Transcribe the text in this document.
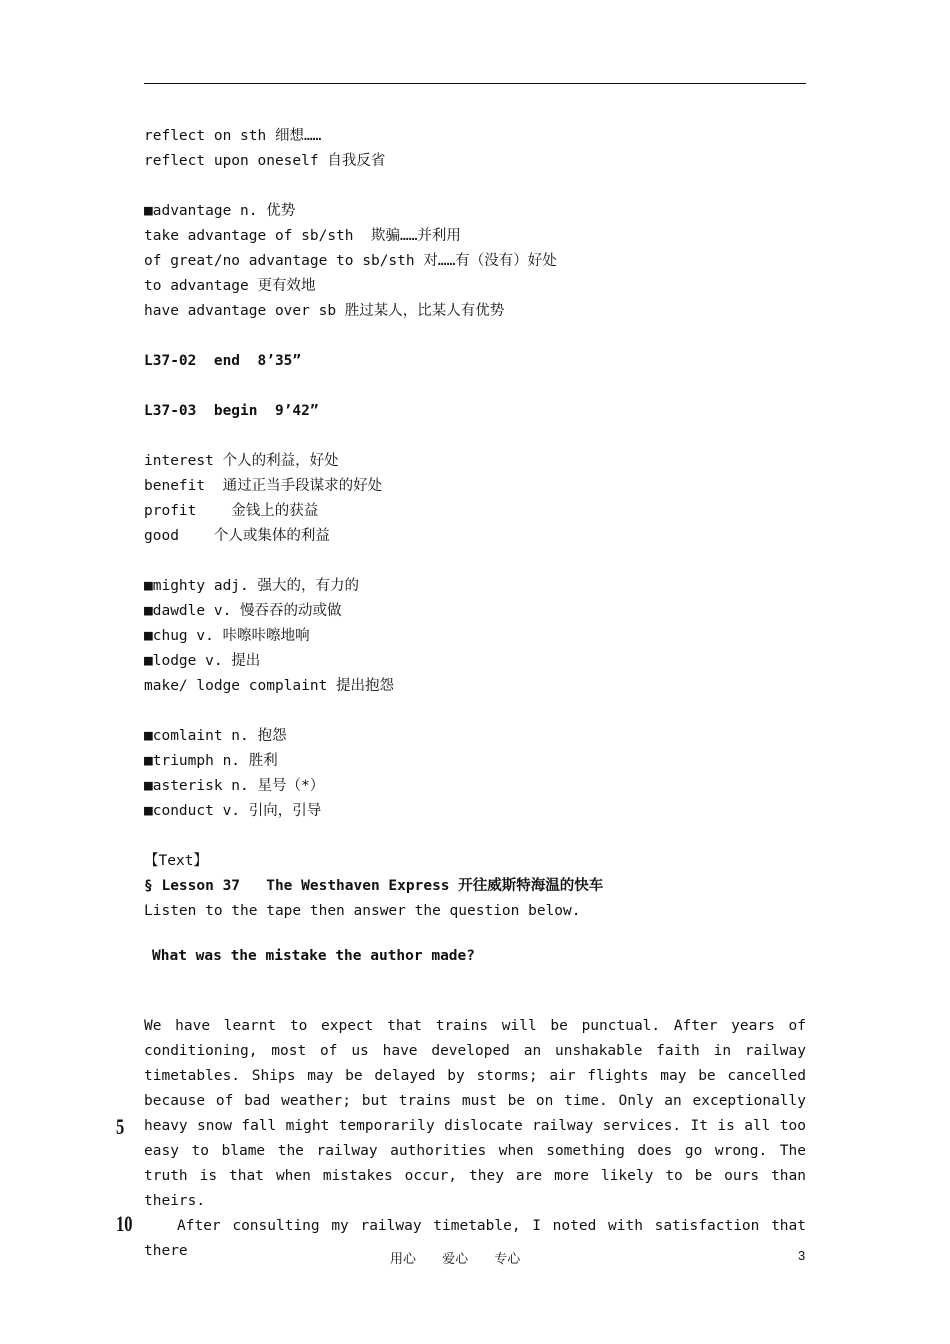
reflect on sth 细想……
reflect upon oneself 自我反省
■advantage n. 优势
take advantage of sb/sth  欺骗……并利用
of great/no advantage to sb/sth 对……有（没有）好处
to advantage 更有效地
have advantage over sb 胜过某人，比某人有优势
L37-02  end  8’35”
L37-03  begin  9’42”
interest 个人的利益，好处
benefit  通过正当手段谋求的好处
profit    金钱上的获益
good    个人或集体的利益
■mighty adj. 强大的，有力的
■dawdle v. 慢吞吞的动或做
■chug v. 咔嚓咔嚓地响
■lodge v. 提出
make/ lodge complaint 提出抱怨
■comlaint n. 抱怨
■triumph n. 胜利
■asterisk n. 星号（*）
■conduct v. 引向，引导
【Text】
§ Lesson 37   The Westhaven Express 开往威斯特海温的快车
Listen to the tape then answer the question below.
What was the mistake the author made?

We have learnt to expect that trains will be punctual. After years of conditioning, most of us have developed an unshakable faith in railway timetables. Ships may be delayed by storms; air flights may be cancelled because of bad weather; but trains must be on time. Only an exceptionally heavy snow fall might temporarily dislocate railway services. It is all too easy to blame the railway authorities when something does go wrong. The truth is that when mistakes occur, they are more likely to be ours than theirs.

After consulting my railway timetable, I noted with satisfaction that there

5
10
用心 爱心 专心	3
